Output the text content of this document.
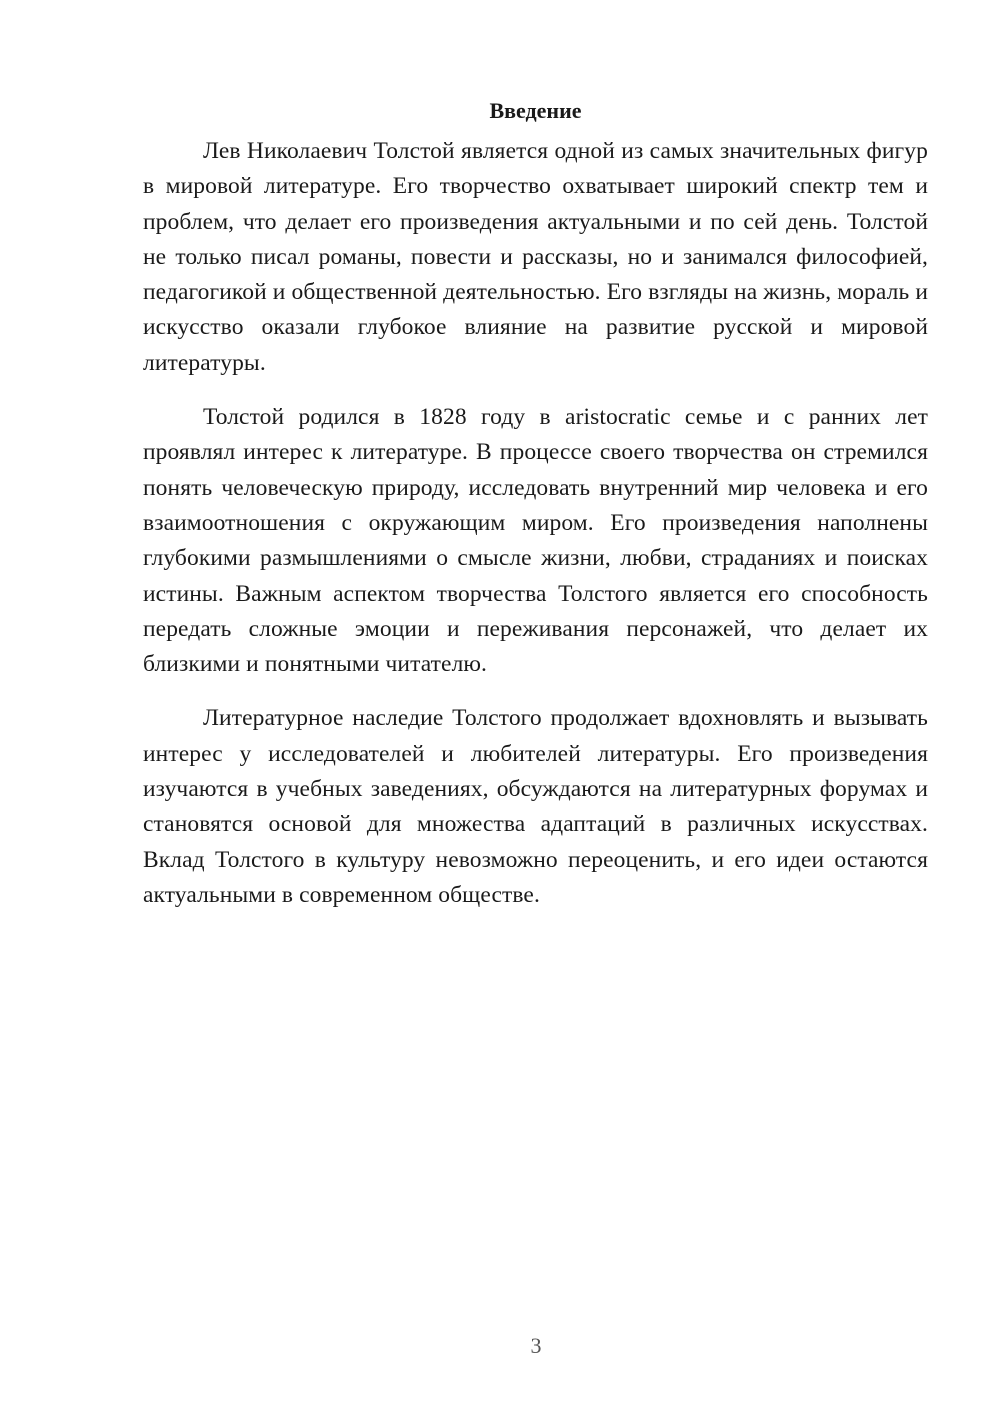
Введение

Лев Николаевич Толстой является одной из самых значительных фигур в мировой литературе. Его творчество охватывает широкий спектр тем и проблем, что делает его произведения актуальными и по сей день. Толстой не только писал романы, повести и рассказы, но и занимался философией, педагогикой и общественной деятельностью. Его взгляды на жизнь, мораль и искусство оказали глубокое влияние на развитие русской и мировой литературы.

Толстой родился в 1828 году в aristocratic семье и с ранних лет проявлял интерес к литературе. В процессе своего творчества он стремился понять человеческую природу, исследовать внутренний мир человека и его взаимоотношения с окружающим миром. Его произведения наполнены глубокими размышлениями о смысле жизни, любви, страданиях и поисках истины. Важным аспектом творчества Толстого является его способность передать сложные эмоции и переживания персонажей, что делает их близкими и понятными читателю.

Литературное наследие Толстого продолжает вдохновлять и вызывать интерес у исследователей и любителей литературы. Его произведения изучаются в учебных заведениях, обсуждаются на литературных форумах и становятся основой для множества адаптаций в различных искусствах. Вклад Толстого в культуру невозможно переоценить, и его идеи остаются актуальными в современном обществе.

3
